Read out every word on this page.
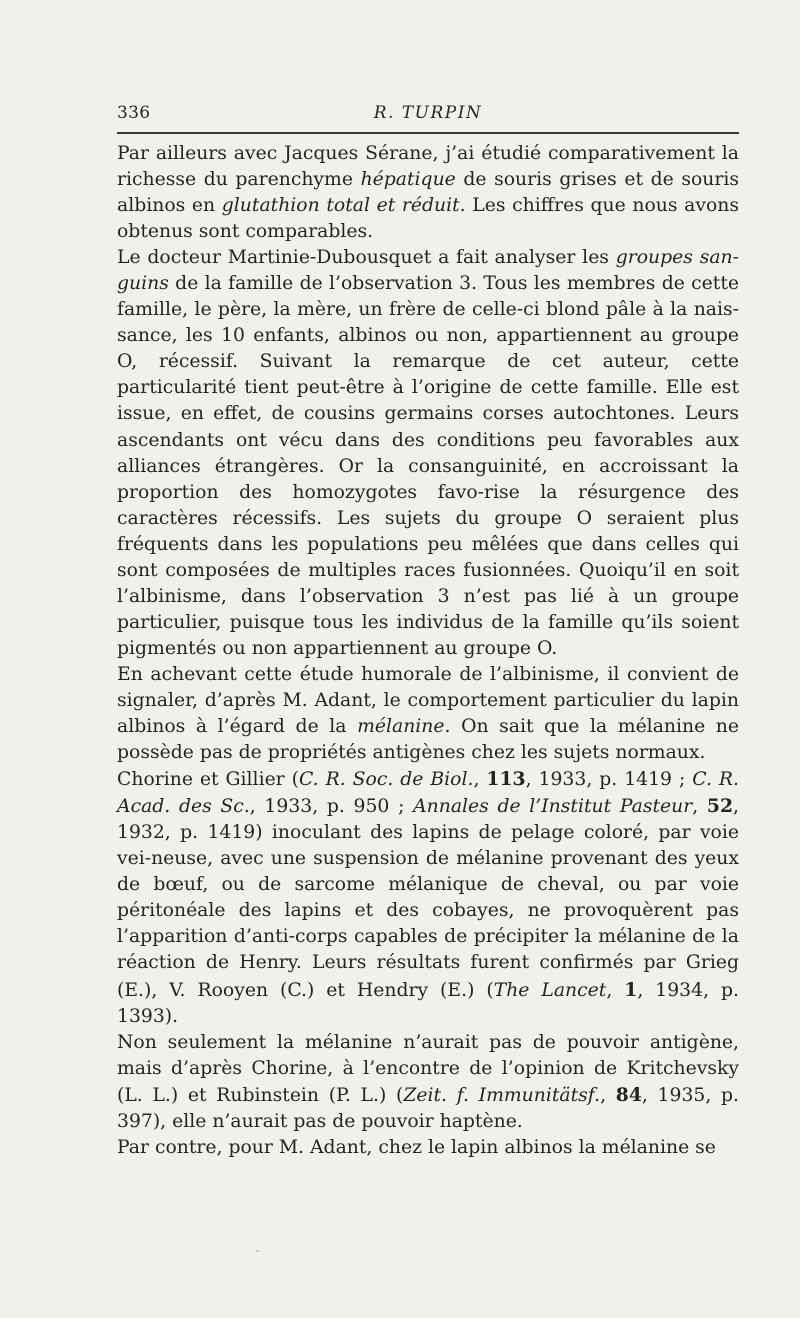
336	R. TURPIN

Par ailleurs avec Jacques Sérane, j’ai étudié comparativement la richesse du parenchyme hépatique de souris grises et de souris albinos en glutathion total et réduit. Les chiffres que nous avons obtenus sont comparables.

Le docteur Martinie-Dubousquet a fait analyser les groupes san-guins de la famille de l’observation 3. Tous les membres de cette famille, le père, la mère, un frère de celle-ci blond pâle à la nais-sance, les 10 enfants, albinos ou non, appartiennent au groupe O, récessif. Suivant la remarque de cet auteur, cette particularité tient peut-être à l’origine de cette famille. Elle est issue, en effet, de cousins germains corses autochtones. Leurs ascendants ont vécu dans des conditions peu favorables aux alliances étrangères. Or la consanguinité, en accroissant la proportion des homozygotes favo-rise la résurgence des caractères récessifs. Les sujets du groupe O seraient plus fréquents dans les populations peu mêlées que dans celles qui sont composées de multiples races fusionnées. Quoiqu’il en soit l’albinisme, dans l’observation 3 n’est pas lié à un groupe particulier, puisque tous les individus de la famille qu’ils soient pigmentés ou non appartiennent au groupe O.

En achevant cette étude humorale de l’albinisme, il convient de signaler, d’après M. Adant, le comportement particulier du lapin albinos à l’égard de la mélanine. On sait que la mélanine ne possède pas de propriétés antigènes chez les sujets normaux.

Chorine et Gillier (C. R. Soc. de Biol., 113, 1933, p. 1419 ; C. R. Acad. des Sc., 1933, p. 950 ; Annales de l’Institut Pasteur, 52, 1932, p. 1419) inoculant des lapins de pelage coloré, par voie vei-neuse, avec une suspension de mélanine provenant des yeux de bœuf, ou de sarcome mélanique de cheval, ou par voie péritonéale des lapins et des cobayes, ne provoquèrent pas l’apparition d’anti-corps capables de précipiter la mélanine de la réaction de Henry. Leurs résultats furent confirmés par Grieg (E.), V. Rooyen (C.) et Hendry (E.) (The Lancet, 1, 1934, p. 1393).

Non seulement la mélanine n’aurait pas de pouvoir antigène, mais d’après Chorine, à l’encontre de l’opinion de Kritchevsky (L. L.) et Rubinstein (P. L.) (Zeit. f. Immunitätsf., 84, 1935, p. 397), elle n’aurait pas de pouvoir haptène.

Par contre, pour M. Adant, chez le lapin albinos la mélanine se
